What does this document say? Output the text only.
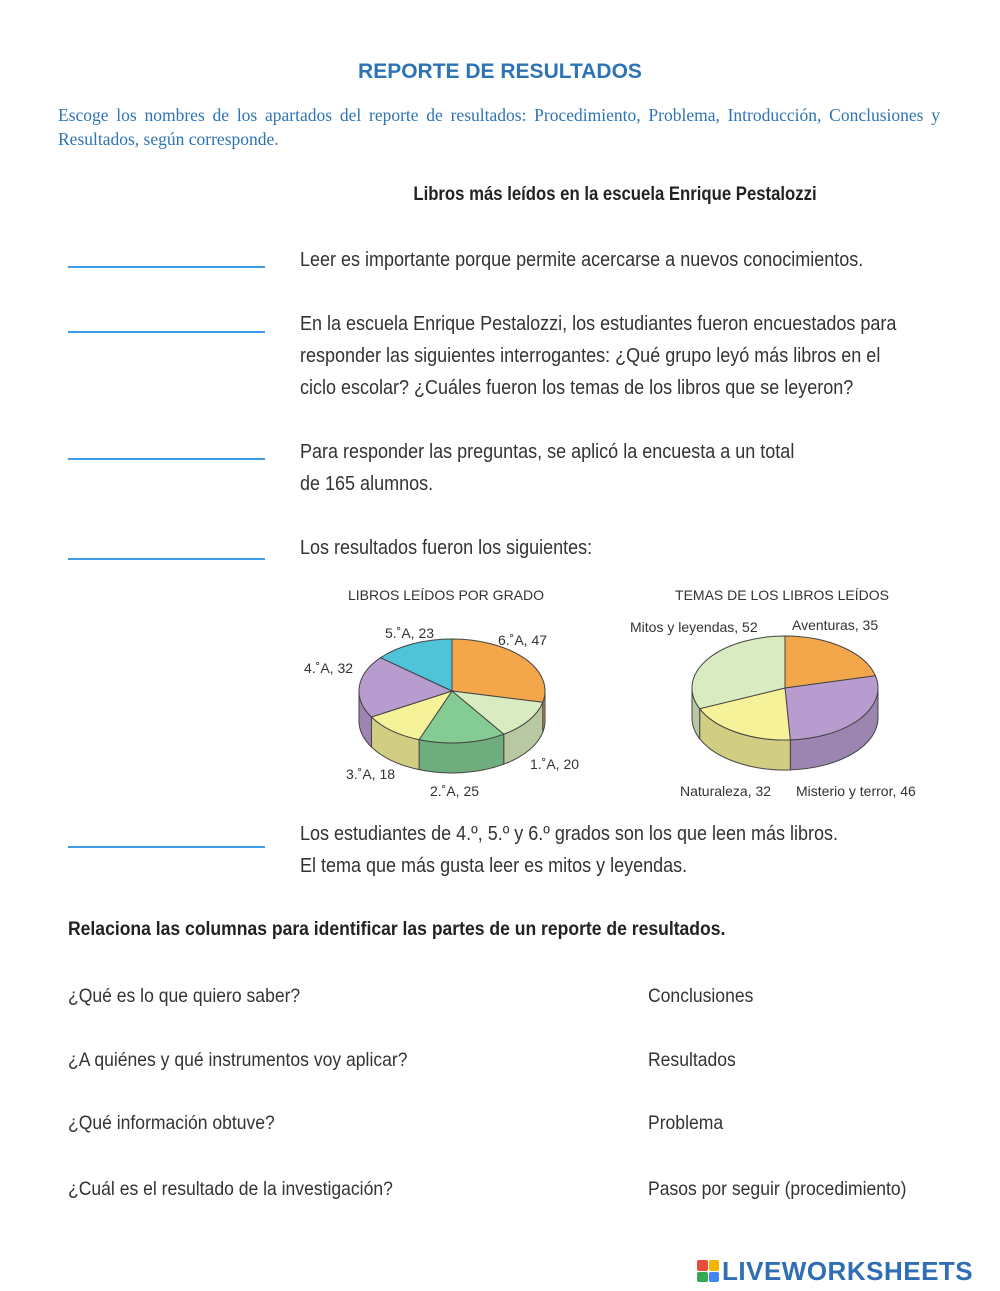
REPORTE DE RESULTADOS
Escoge los nombres de los apartados del reporte de resultados: Procedimiento, Problema, Introducción, Conclusiones y Resultados, según corresponde.
Libros más leídos en la escuela Enrique Pestalozzi
Leer es importante porque permite acercarse a nuevos conocimientos.
En la escuela Enrique Pestalozzi, los estudiantes fueron encuestados para
responder las siguientes interrogantes: ¿Qué grupo leyó más libros en el
ciclo escolar? ¿Cuáles fueron los temas de los libros que se leyeron?
Para responder las preguntas, se aplicó la encuesta a un total
de 165 alumnos.
Los resultados fueron los siguientes:
LIBROS LEÍDOS POR GRADO
5.˚A, 23	6.˚A, 47
4.˚A, 32
1.˚A, 20
3.˚A, 18
2.˚A, 25
TEMAS DE LOS LIBROS LEÍDOS
Mitos y leyendas, 52 Aventuras, 35
Naturaleza, 32 Misterio y terror, 46
Los estudiantes de 4.º, 5.º y 6.º grados son los que leen más libros.
El tema que más gusta leer es mitos y leyendas.
Relaciona las columnas para identificar las partes de un reporte de resultados.
¿Qué es lo que quiero saber?
¿A quiénes y qué instrumentos voy aplicar?
¿Qué información obtuve?
¿Cuál es el resultado de la investigación?
Conclusiones
Resultados
Problema
Pasos por seguir (procedimiento)
LIVEWORKSHEETS
